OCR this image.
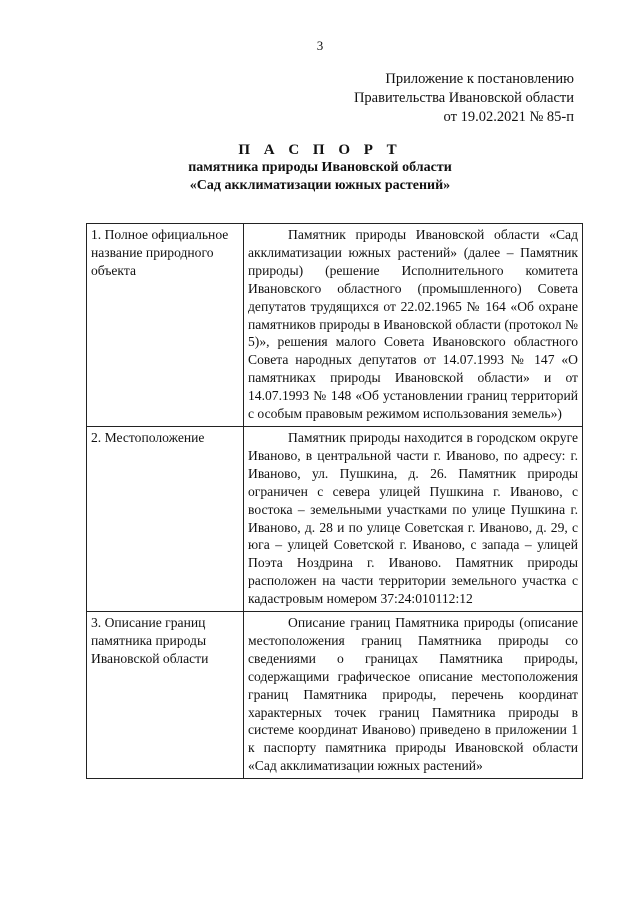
3
Приложение к постановлению
Правительства Ивановской области
от 19.02.2021 № 85-п
П А С П О Р Т
памятника природы Ивановской области
«Сад акклиматизации южных растений»
1. Полное официальное название природного объекта	Памятник природы Ивановской области «Сад акклиматизации южных растений» (далее – Памятник природы) (решение Исполнительного комитета Ивановского областного (промышленного) Совета депутатов трудящихся от 22.02.1965 № 164 «Об охране памятников природы в Ивановской области (протокол № 5)», решения малого Совета Ивановского областного Совета народных депутатов от 14.07.1993 № 147 «О памятниках природы Ивановской области» и от 14.07.1993 № 148 «Об установлении границ территорий с особым правовым режимом использования земель»)
2. Местоположение	Памятник природы находится в городском округе Иваново, в центральной части г. Иваново, по адресу: г. Иваново, ул. Пушкина, д. 26. Памятник природы ограничен с севера улицей Пушкина г. Иваново, с востока – земельными участками по улице Пушкина г. Иваново, д. 28 и по улице Советская г. Иваново, д. 29, с юга – улицей Советской г. Иваново, с запада – улицей Поэта Ноздрина г. Иваново. Памятник природы расположен на части территории земельного участка с кадастровым номером 37:24:010112:12
3. Описание границ памятника природы Ивановской области	Описание границ Памятника природы (описание местоположения границ Памятника природы со сведениями о границах Памятника природы, содержащими графическое описание местоположения границ Памятника природы, перечень координат характерных точек границ Памятника природы в системе координат Иваново) приведено в приложении 1 к паспорту памятника природы Ивановской области «Сад акклиматизации южных растений»
